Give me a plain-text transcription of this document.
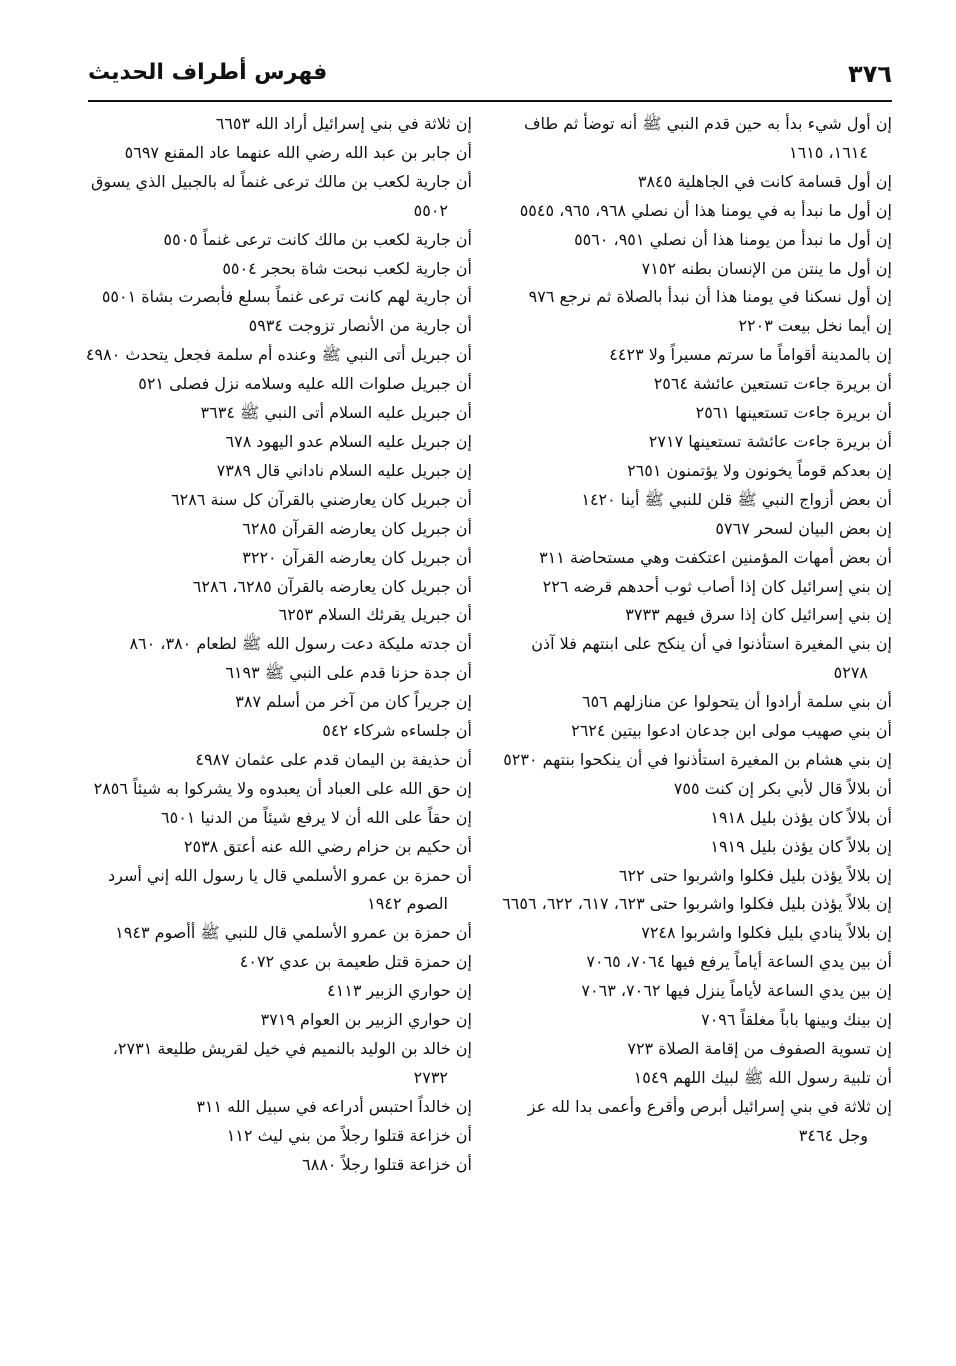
٣٧٦
فهرس أطراف الحديث

إن أول شيء بدأ به حين قدم النبي ﷺ أنه توضأ ثم طاف ١٦١٤، ١٦١٥

إن أول قسامة كانت في الجاهلية ٣٨٤٥

إن أول ما نبدأ به في يومنا هذا أن نصلي ٩٦٨، ٩٦٥، ٥٥٤٥

إن أول ما نبدأ من يومنا هذا أن نصلي ٩٥١، ٥٥٦٠

إن أول ما ينتن من الإنسان بطنه ٧١٥٢

إن أول نسكنا في يومنا هذا أن نبدأ بالصلاة ثم نرجع ٩٧٦

إن أيما نخل بيعت ٢٢٠٣

إن بالمدينة أقواماً ما سرتم مسيراً ولا ٤٤٢٣

أن بريرة جاءت تستعين عائشة ٢٥٦٤

أن بريرة جاءت تستعينها ٢٥٦١

أن بريرة جاءت عائشة تستعينها ٢٧١٧

إن بعدكم قوماً يخونون ولا يؤتمنون ٢٦٥١

أن بعض أزواج النبي ﷺ قلن للنبي ﷺ أينا ١٤٢٠

إن بعض البيان لسحر ٥٧٦٧

أن بعض أمهات المؤمنين اعتكفت وهي مستحاضة ٣١١

إن بني إسرائيل كان إذا أصاب ثوب أحدهم قرضه ٢٢٦

إن بني إسرائيل كان إذا سرق فيهم ٣٧٣٣

إن بني المغيرة استأذنوا في أن ينكح على ابنتهم فلا آذن ٥٢٧٨

أن بني سلمة أرادوا أن يتحولوا عن منازلهم ٦٥٦

أن بني صهيب مولى ابن جدعان ادعوا بيتين ٢٦٢٤

إن بني هشام بن المغيرة استأذنوا في أن ينكحوا بنتهم ٥٢٣٠

أن بلالاً قال لأبي بكر إن كنت ٧٥٥

أن بلالاً كان يؤذن بليل ١٩١٨

إن بلالاً كان يؤذن بليل ١٩١٩

إن بلالاً يؤذن بليل فكلوا واشربوا حتى ٦٢٢

إن بلالاً يؤذن بليل فكلوا واشربوا حتى ٦٢٣، ٦١٧، ٦٢٢، ٦٦٥٦

إن بلالاً ينادي بليل فكلوا واشربوا ٧٢٤٨

أن بين يدي الساعة أياماً يرفع فيها ٧٠٦٤، ٧٠٦٥

إن بين يدي الساعة لأياماً ينزل فيها ٧٠٦٢، ٧٠٦٣

إن بينك وبينها باباً مغلقاً ٧٠٩٦

إن تسوية الصفوف من إقامة الصلاة ٧٢٣

أن تلبية رسول الله ﷺ لبيك اللهم ١٥٤٩

إن ثلاثة في بني إسرائيل أبرص وأقرع وأعمى بدا لله عز وجل ٣٤٦٤

إن ثلاثة في بني إسرائيل أراد الله ٦٦٥٣

أن جابر بن عبد الله رضي الله عنهما عاد المقنع ٥٦٩٧

أن جارية لكعب بن مالك ترعى غنماً له بالجبيل الذي يسوق ٥٥٠٢

أن جارية لكعب بن مالك كانت ترعى غنماً ٥٥٠٥

أن جارية لكعب نبحت شاة بحجر ٥٥٠٤

أن جارية لهم كانت ترعى غنماً بسلع فأبصرت بشاة ٥٥٠١

أن جارية من الأنصار تزوجت ٥٩٣٤

أن جبريل أتى النبي ﷺ وعنده أم سلمة فجعل يتحدث ٤٩٨٠

أن جبريل صلوات الله عليه وسلامه نزل فصلى ٥٢١

أن جبريل عليه السلام أتى النبي ﷺ ٣٦٣٤

إن جبريل عليه السلام عدو اليهود ٦٧٨

إن جبريل عليه السلام ناداني قال ٧٣٨٩

أن جبريل كان يعارضني بالقرآن كل سنة ٦٢٨٦

أن جبريل كان يعارضه القرآن ٦٢٨٥

أن جبريل كان يعارضه القرآن ٣٢٢٠

أن جبريل كان يعارضه بالقرآن ٦٢٨٥، ٦٢٨٦

أن جبريل يقرئك السلام ٦٢٥٣

أن جدته مليكة دعت رسول الله ﷺ لطعام ٣٨٠، ٨٦٠

أن جدة حزنا قدم على النبي ﷺ ٦١٩٣

إن جريراً كان من آخر من أسلم ٣٨٧

أن جلساءه شركاء ٥٤٢

أن حذيفة بن اليمان قدم على عثمان ٤٩٨٧

إن حق الله على العباد أن يعبدوه ولا يشركوا به شيئاً ٢٨٥٦

إن حقاً على الله أن لا يرفع شيئاً من الدنيا ٦٥٠١

أن حكيم بن حزام رضي الله عنه أعتق ٢٥٣٨

أن حمزة بن عمرو الأسلمي قال يا رسول الله إني أسرد الصوم ١٩٤٢

أن حمزة بن عمرو الأسلمي قال للنبي ﷺ أأصوم ١٩٤٣

إن حمزة قتل طعيمة بن عدي ٤٠٧٢

إن حواري الزبير ٤١١٣

إن حواري الزبير بن العوام ٣٧١٩

إن خالد بن الوليد بالنميم في خيل لقريش طليعة ٢٧٣١، ٢٧٣٢

إن خالداً احتبس أدراعه في سبيل الله ٣١١

أن خزاعة قتلوا رجلاً من بني ليث ١١٢

أن خزاعة قتلوا رجلاً ٦٨٨٠
